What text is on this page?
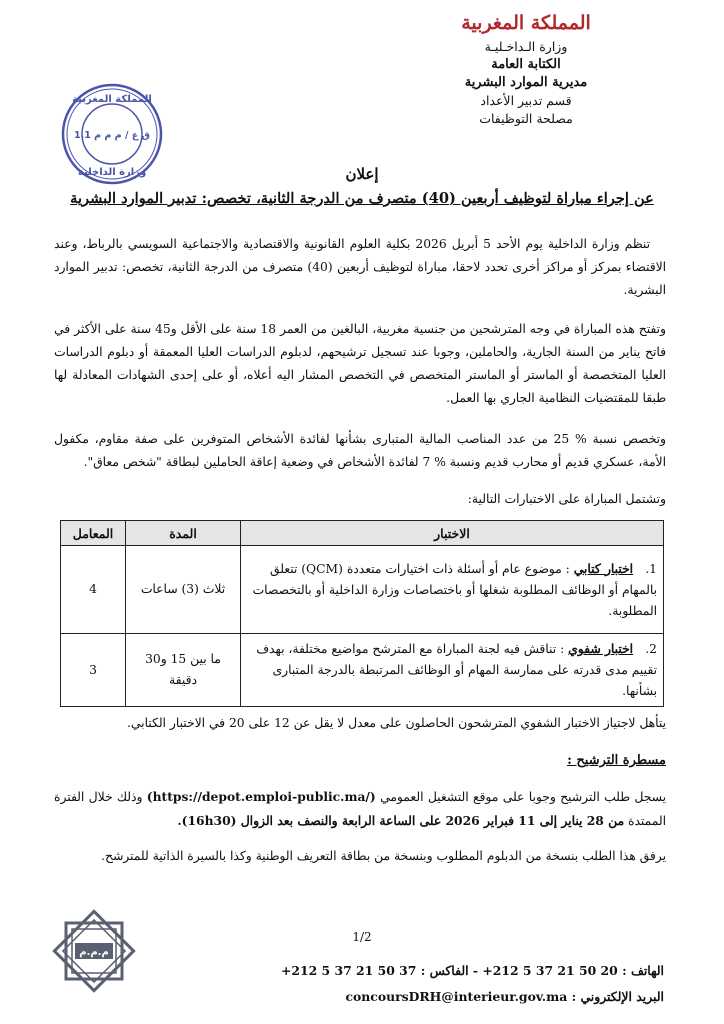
المملكة المغربية
وزارة الـداخـليـة
الكتابة العامة
مديرية الموارد البشرية
قسم تدبير الأعداد
مصلحة التوظيفات
المملكة المغربية
ق ع / م م م 1.1
وزارة الداخلية	إعلان
عن إجراء مباراة لتوظيف أربعين (40) متصرف من الدرجة الثانية، تخصص: تدبير الموارد البشرية
تنظم وزارة الداخلية يوم الأحد 5 أبريل 2026 بكلية العلوم القانونية والاقتصادية والاجتماعية السويسي بالرباط، وعند الاقتضاء بمركز أو مراكز أخرى تحدد لاحقا، مباراة لتوظيف أربعين (40) متصرف من الدرجة الثانية، تخصص: تدبير الموارد البشرية.
وتفتح هذه المباراة في وجه المترشحين من جنسية مغربية، البالغين من العمر 18 سنة على الأقل و45 سنة على الأكثر في فاتح يناير من السنة الجارية، والحاملين، وجوبا عند تسجيل ترشيحهم، لدبلوم الدراسات العليا المعمقة أو دبلوم الدراسات العليا المتخصصة أو الماستر أو الماستر المتخصص في التخصص المشار اليه أعلاه، أو على إحدى الشهادات المعادلة لها طبقا للمقتضيات النظامية الجاري بها العمل.
وتخصص نسبة % 25 من عدد المناصب المالية المتبارى بشأنها لفائدة الأشخاص المتوفرين على صفة مقاوم، مكفول الأمة، عسكري قديم أو محارب قديم ونسبة % 7 لفائدة الأشخاص في وضعية إعاقة الحاملين لبطاقة "شخص معاق".
وتشتمل المباراة على الاختبارات التالية:
الاختبار	المدة	المعامل
1. اختبار كتابي : موضوع عام أو أسئلة ذات اختيارات متعددة (QCM) تتعلق بالمهام أو الوظائف المطلوبة شغلها أو باختصاصات وزارة الداخلية أو بالتخصصات المطلوبة.	ثلاث (3) ساعات	4
2. اختبار شفوي : تناقش فيه لجنة المباراة مع المترشح مواضيع مختلفة، بهدف تقييم مدى قدرته على ممارسة المهام أو الوظائف المرتبطة بالدرجة المتبارى بشأنها.	ما بين 15 و30 دقيقة	3
يتأهل لاجتياز الاختبار الشفوي المترشحون الحاصلون على معدل لا يقل عن 12 على 20 في الاختبار الكتابي.
مسطرة الترشيح :
يسجل طلب الترشيح وجوبا على موقع التشغيل العمومي (https://depot.emploi-public.ma/) وذلك خلال الفترة الممتدة من 28 يناير إلى 11 فبراير 2026 على الساعة الرابعة والنصف بعد الزوال (16h30).
يرفق هذا الطلب بنسخة من الدبلوم المطلوب وبنسخة من بطاقة التعريف الوطنية وكذا بالسيرة الذاتية للمترشح.
1/2
الهاتف : +212 5 37 21 50 20 - الفاكس : +212 5 37 21 50 37
البريد الإلكتروني : concoursDRH@interieur.gov.ma
م.م.م
